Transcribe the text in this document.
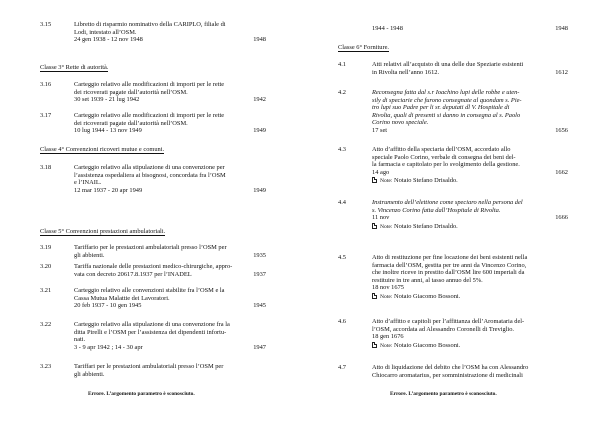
3.15	Libretto di risparmio nominativo della CARIPLO, filiale di
Lodi, intestato all’OSM.
24 gen 1938 - 12 nov 1948	1948
Classe 3° Rette di autorità.
3.16	Carteggio relativo alle modificazioni di importi per le rette
dei ricoverati pagate dall’autorità nell’OSM.
30 set 1939 - 21 lug 1942	1942
3.17	Carteggio relativo alle modificazioni di importi per le rette
dei ricoverati pagate dall’autorità nell’OSM.
10 lug 1944 - 13 nov 1949	1949
Classe 4° Convenzioni ricoveri mutue e comuni.
3.18	Carteggio relativo alla stipulazione di una convenzione per
l’assistenza ospedaliera ai bisognosi, concordata fra l’OSM
e l’INAIL.
12 mar 1937 - 20 apr 1949	1949
Classe 5° Convenzioni prestazioni ambulatoriali.
3.19	Tariffario per le prestazioni ambulatoriali presso l’OSM per
gli abbienti.	1935
3.20	Tariffa nazionale delle prestazioni medico-chirurgiche, appro-
vata con decreto 20617.8.1937 per l’INADEL	1937
3.21	Carteggio relativo alle convenzioni stabilite fra l’OSM e la
Cassa Mutua Malattie dei Lavoratori.
20 feb 1937 - 10 gen 1945	1945
3.22	Carteggio relativo alla stipulazione di una convenzione fra la
ditta Pirelli e l’OSM per l’assistenza dei dipendenti infortu-
nati.
3 - 9 apr 1942 ; 14 - 30 apr	1947
3.23	Tariffari per le prestazioni ambulatoriali presso l’OSM per
gli abbienti.
Errore. L’argomento parametro è sconosciuto.
1944 - 1948	1948
Classe 6° Forniture.
4.1	Atti relativi all’acquisto di una delle due Speziarie esistenti
in Rivolta nell’anno 1612.	1612
4.2	Reconsegna fatta dal s.r Ioachino lupi delle robbe e uten-
sily di speciarie che furono consegnate al quondam s. Pie-
tro lupi suo Padre per li sr. deputati dl V. Hospitale di
Rivolta, quali di presenti si danno in consegna al s. Paolo
Corino novo speciale.
17 set	1656
4.3	Atto d’affitto della speciaria dell’OSM, accordato allo
speciale Paolo Corino, verbale di consegna dei beni del-
la farmacia e capitolato per lo svolgimento della gestione.
14 ago	1662
Note: Notaio Stefano Drisaldo.
4.4	Instrumento dell’elettione come speciaro nella persona del
s. Vincenzo Corino fatta dall’Hospitale di Rivolta.
11 nov	1666
Note: Notaio Stefano Drisaldo.
4.5	Atto di restituzione per fine locazione dei beni esistenti nella
farmacia dell’OSM, gestita per tre anni da Vincenzo Corino,
che inoltre riceve in prestito dall’OSM lire 600 imperiali da
restituire in tre anni, al tasso annuo del 5%.
18 nov 1675
Note: Notaio Giacomo Bossoni.
4.6	Atto d’affitto e capitoli per l’affittanza dell’Aromataria del-
l’OSM, accordata ad Alessandro Coronelli di Treviglio.
18 gen 1676
Note: Notaio Giacomo Bossoni.
4.7	Atto di liquidazione del debito che l’OSM ha con Alessandro
Chiocarro aromatarius, per somministrazione di medicinali
Errore. L’argomento parametro è sconosciuto.
